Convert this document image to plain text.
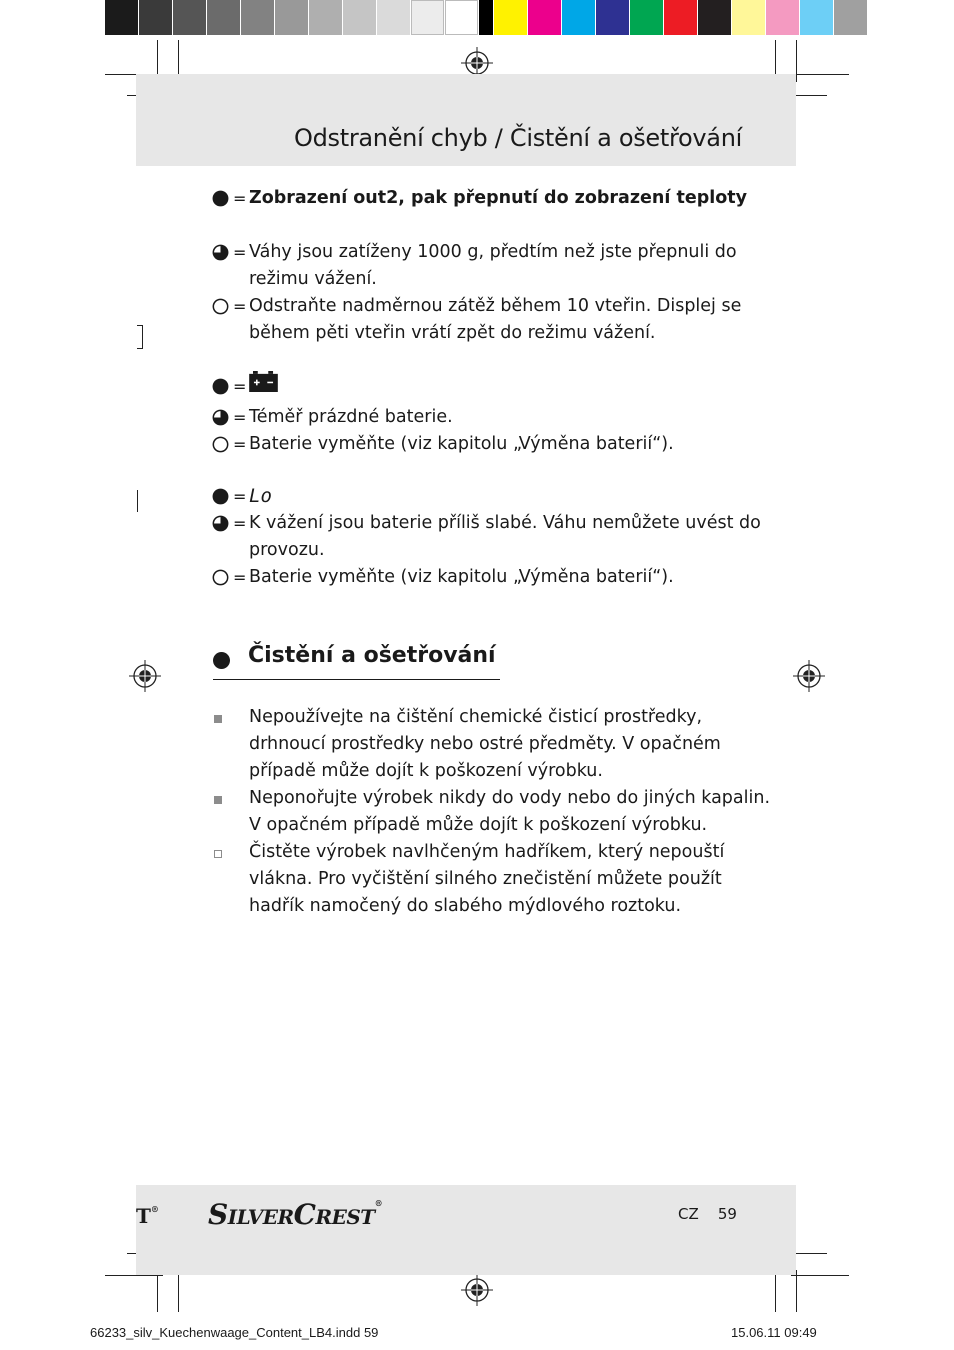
Odstranění chyb / Čistění a ošetřování
= Zobrazení out2, pak přepnutí do zobrazení teploty
= Váhy jsou zatíženy 1000 g, předtím než jste přepnuli do režimu vážení.
= Odstraňte nadměrnou zátěž během 10 vteřin. Displej se během pěti vteřin vrátí zpět do režimu vážení.
=
= Téměř prázdné baterie.
= Baterie vyměňte (viz kapitolu „Výměna baterií“).
= Lo
= K vážení jsou baterie příliš slabé. Váhu nemůžete uvést do provozu.
= Baterie vyměňte (viz kapitolu „Výměna baterií“).
Čistění a ošetřování
Nepoužívejte na čištění chemické čisticí prostředky, drhnoucí prostředky nebo ostré předměty. V opačném případě může dojít k poškození výrobku.
Neponořujte výrobek nikdy do vody nebo do jiných kapalin. V opačném případě může dojít k poškození výrobku.
Čistěte výrobek navlhčeným hadříkem, který nepouští vlákna. Pro vyčištění silného znečistění můžete použít hadřík namočený do slabého mýdlového roztoku.
T® SILVERCREST®
CZ 59
66233_silv_Kuechenwaage_Content_LB4.indd 59	15.06.11 09:49
